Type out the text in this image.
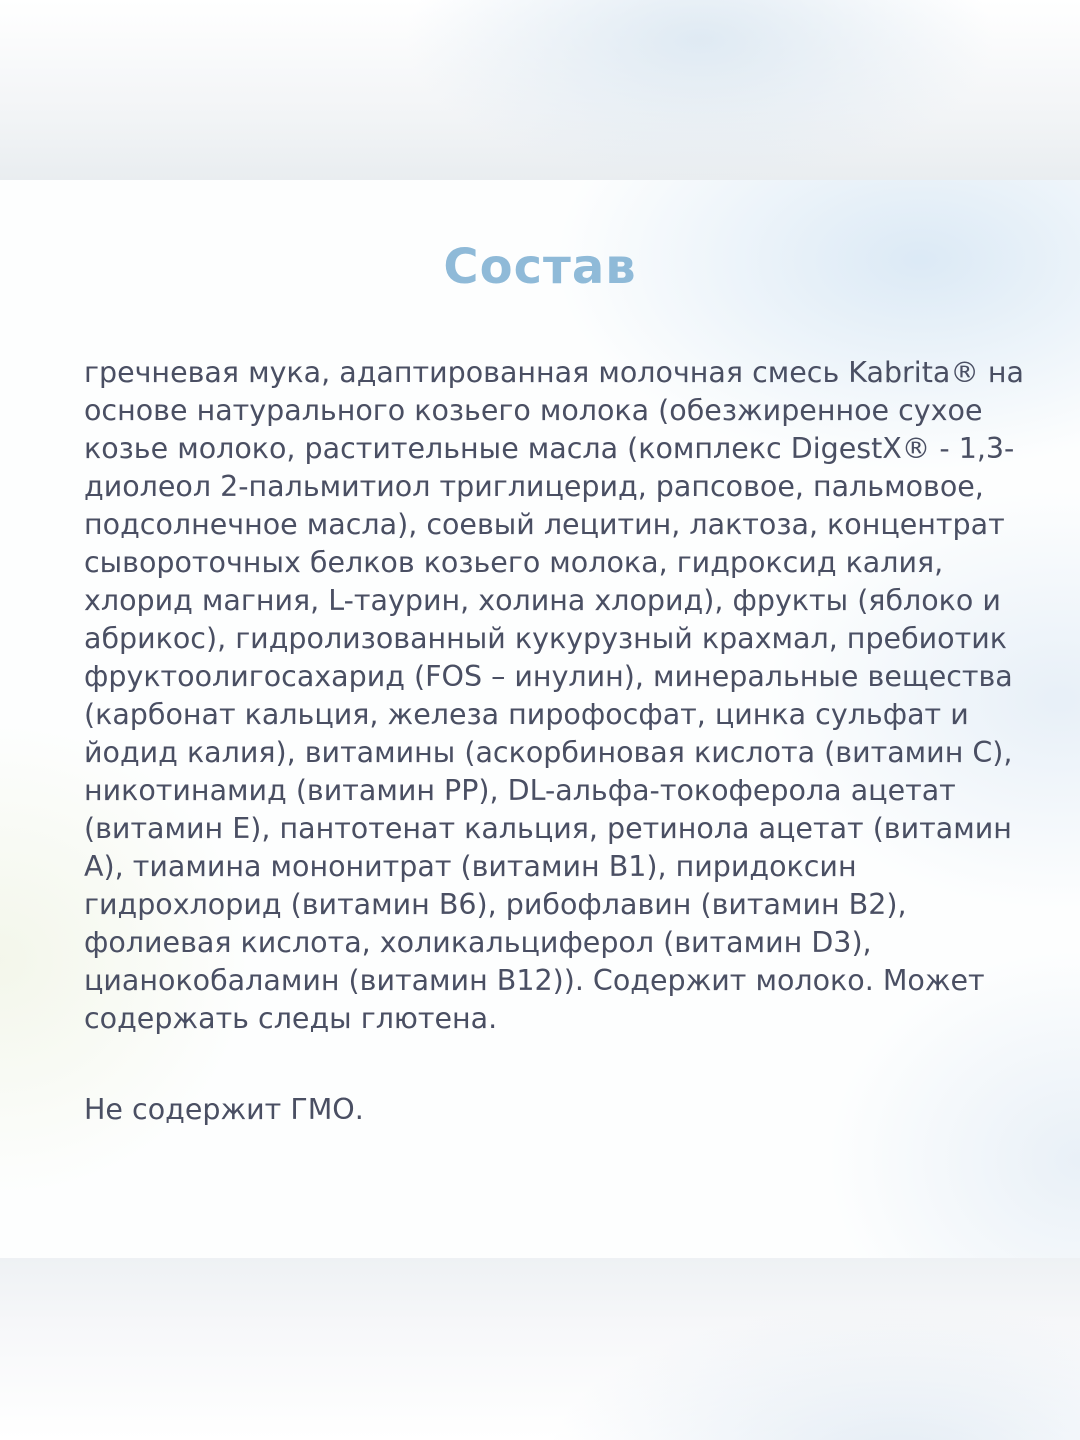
Состав

гречневая мука, адаптированная молочная смесь Kabrita® на основе натурального козьего молока (обезжиренное сухое козье молоко, растительные масла (комплекс DigestX® - 1,3-диолеол 2-пальмитиол триглицерид, рапсовое, пальмовое, подсолнечное масла), соевый лецитин, лактоза, концентрат сывороточных белков козьего молока, гидроксид калия, хлорид магния, L-таурин, холина хлорид), фрукты (яблоко и абрикос), гидролизованный кукурузный крахмал, пребиотик фруктоолигосахарид (FOS – инулин), минеральные вещества (карбонат кальция, железа пирофосфат, цинка сульфат и йодид калия), витамины (аскорбиновая кислота (витамин C), никотинамид (витамин PP), DL-альфа-токоферола ацетат (витамин E), пантотенат кальция, ретинола ацетат (витамин A), тиамина мононитрат (витамин B1), пиридоксин гидрохлорид (витамин B6), рибофлавин (витамин B2), фолиевая кислота, холикальциферол (витамин D3), цианокобаламин (витамин B12)). Содержит молоко. Может содержать следы глютена.

Не содержит ГМО.
